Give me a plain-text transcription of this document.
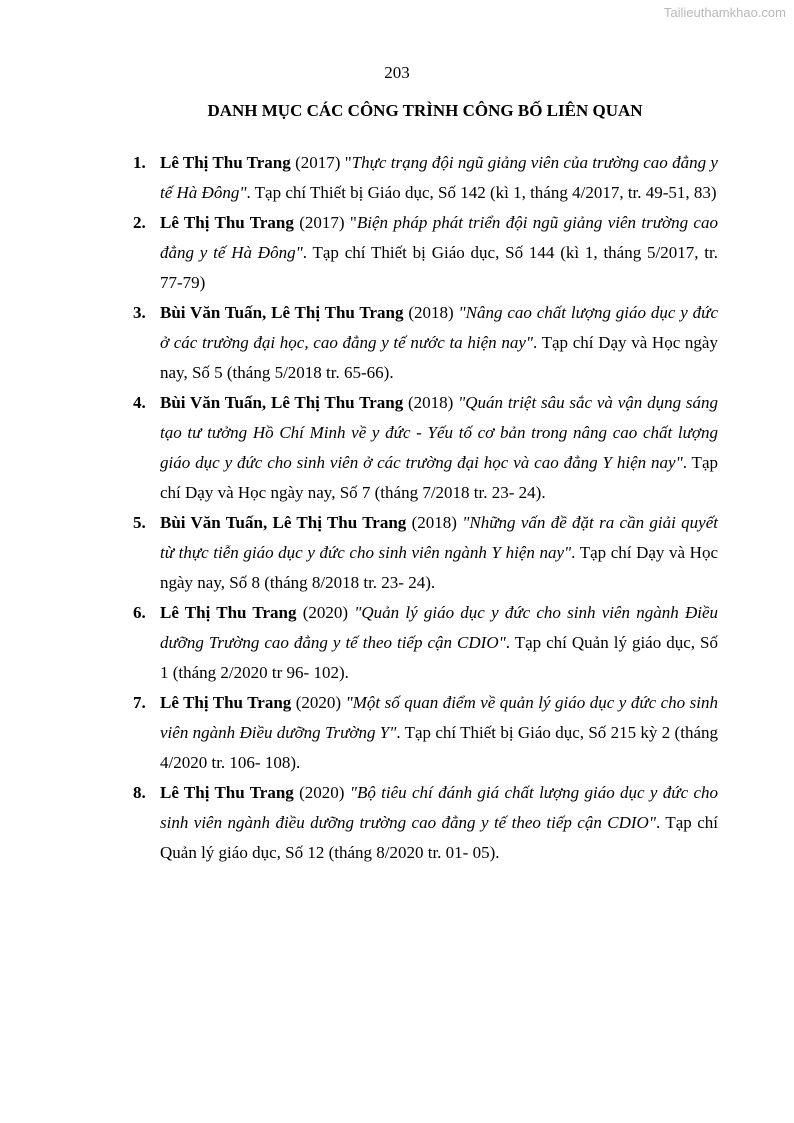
Tailieuthamkhao.com
203
DANH MỤC CÁC CÔNG TRÌNH CÔNG BỐ LIÊN QUAN
1. Lê Thị Thu Trang (2017) "Thực trạng đội ngũ giảng viên của trường cao đẳng y tế Hà Đông". Tạp chí Thiết bị Giáo dục, Số 142 (kì 1, tháng 4/2017, tr. 49-51, 83)
2. Lê Thị Thu Trang (2017) "Biện pháp phát triển đội ngũ giảng viên trường cao đẳng y tế Hà Đông". Tạp chí Thiết bị Giáo dục, Số 144 (kì 1, tháng 5/2017, tr. 77-79)
3. Bùi Văn Tuấn, Lê Thị Thu Trang (2018) "Nâng cao chất lượng giáo dục y đức ở các trường đại học, cao đẳng y tế nước ta hiện nay". Tạp chí Dạy và Học ngày nay, Số 5 (tháng 5/2018 tr. 65-66).
4. Bùi Văn Tuấn, Lê Thị Thu Trang (2018) "Quán triệt sâu sắc và vận dụng sáng tạo tư tưởng Hồ Chí Minh về y đức - Yếu tố cơ bản trong nâng cao chất lượng giáo dục y đức cho sinh viên ở các trường đại học và cao đẳng Y hiện nay". Tạp chí Dạy và Học ngày nay, Số 7 (tháng 7/2018 tr. 23- 24).
5. Bùi Văn Tuấn, Lê Thị Thu Trang (2018) "Những vấn đề đặt ra cần giải quyết từ thực tiễn giáo dục y đức cho sinh viên ngành Y hiện nay". Tạp chí Dạy và Học ngày nay, Số 8 (tháng 8/2018 tr. 23- 24).
6. Lê Thị Thu Trang (2020) "Quản lý giáo dục y đức cho sinh viên ngành Điều dưỡng Trường cao đẳng y tế theo tiếp cận CDIO". Tạp chí Quản lý giáo dục, Số 1 (tháng 2/2020 tr 96- 102).
7. Lê Thị Thu Trang (2020) "Một số quan điểm về quản lý giáo dục y đức cho sinh viên ngành Điều dưỡng Trường Y". Tạp chí Thiết bị Giáo dục, Số 215 kỳ 2 (tháng 4/2020 tr. 106- 108).
8. Lê Thị Thu Trang (2020) "Bộ tiêu chí đánh giá chất lượng giáo dục y đức cho sinh viên ngành điều dưỡng trường cao đẳng y tế theo tiếp cận CDIO". Tạp chí Quản lý giáo dục, Số 12 (tháng 8/2020 tr. 01- 05).
